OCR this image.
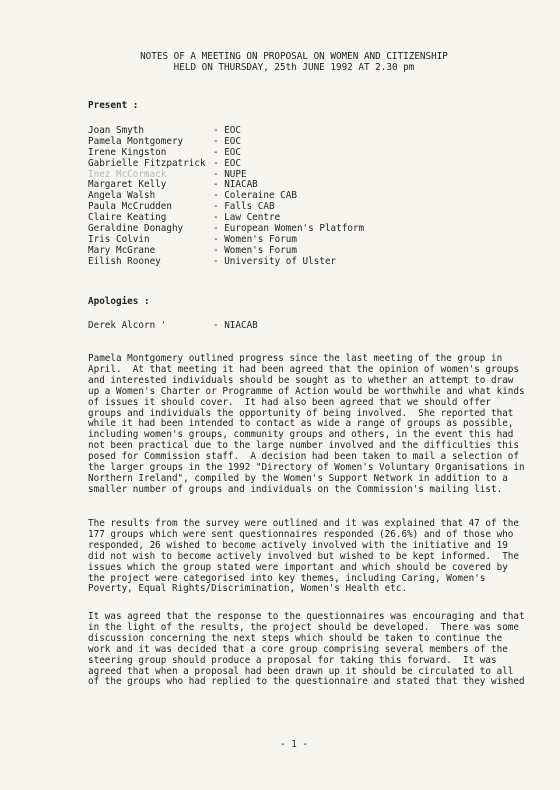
NOTES OF A MEETING ON PROPOSAL ON WOMEN AND CITIZENSHIP
HELD ON THURSDAY, 25th JUNE 1992 AT 2.30 pm
Present :
Joan Smyth	- EOC
Pamela Montgomery	- EOC
Irene Kingston	- EOC
Gabrielle Fitzpatrick - EOC
Inez McCormack	- NUPE
Margaret Kelly	- NIACAB
Angela Walsh	- Coleraine CAB
Paula McCrudden	- Falls CAB
Claire Keating	- Law Centre
Geraldine Donaghy	- European Women's Platform
Iris Colvin	- Women's Forum
Mary McGrane	- Women's Forum
Eilish Rooney	- University of Ulster
Apologies :
Derek Alcorn '	- NIACAB

Pamela Montgomery outlined progress since the last meeting of the group in

April.  At that meeting it had been agreed that the opinion of women's groups

and interested individuals should be sought as to whether an attempt to draw

up a Women's Charter or Programme of Action would be worthwhile and what kinds

of issues it should cover.  It had also been agreed that we should offer

groups and individuals the opportunity of being involved.  She reported that

while it had been intended to contact as wide a range of groups as possible,

including women's groups, community groups and others, in the event this had

not been practical due to the large number involved and the difficulties this

posed for Commission staff.  A decision had been taken to mail a selection of

the larger groups in the 1992 "Directory of Women's Voluntary Organisations in

Northern Ireland", compiled by the Women's Support Network in addition to a

smaller number of groups and individuals on the Commission's mailing list.

The results from the survey were outlined and it was explained that 47 of the

177 groups which were sent questionnaires responded (26.6%) and of those who

responded, 26 wished to become actively involved with the initiative and 19

did not wish to become actively involved but wished to be kept informed.  The

issues which the group stated were important and which should be covered by

the project were categorised into key themes, including Caring, Women's

Poverty, Equal Rights/Discrimination, Women's Health etc.

It was agreed that the response to the questionnaires was encouraging and that

in the light of the results, the project should be developed.  There was some

discussion concerning the next steps which should be taken to continue the

work and it was decided that a core group comprising several members of the

steering group should produce a proposal for taking this forward.  It was

agreed that when a proposal had been drawn up it should be circulated to all

of the groups who had replied to the questionnaire and stated that they wished

- 1 -
